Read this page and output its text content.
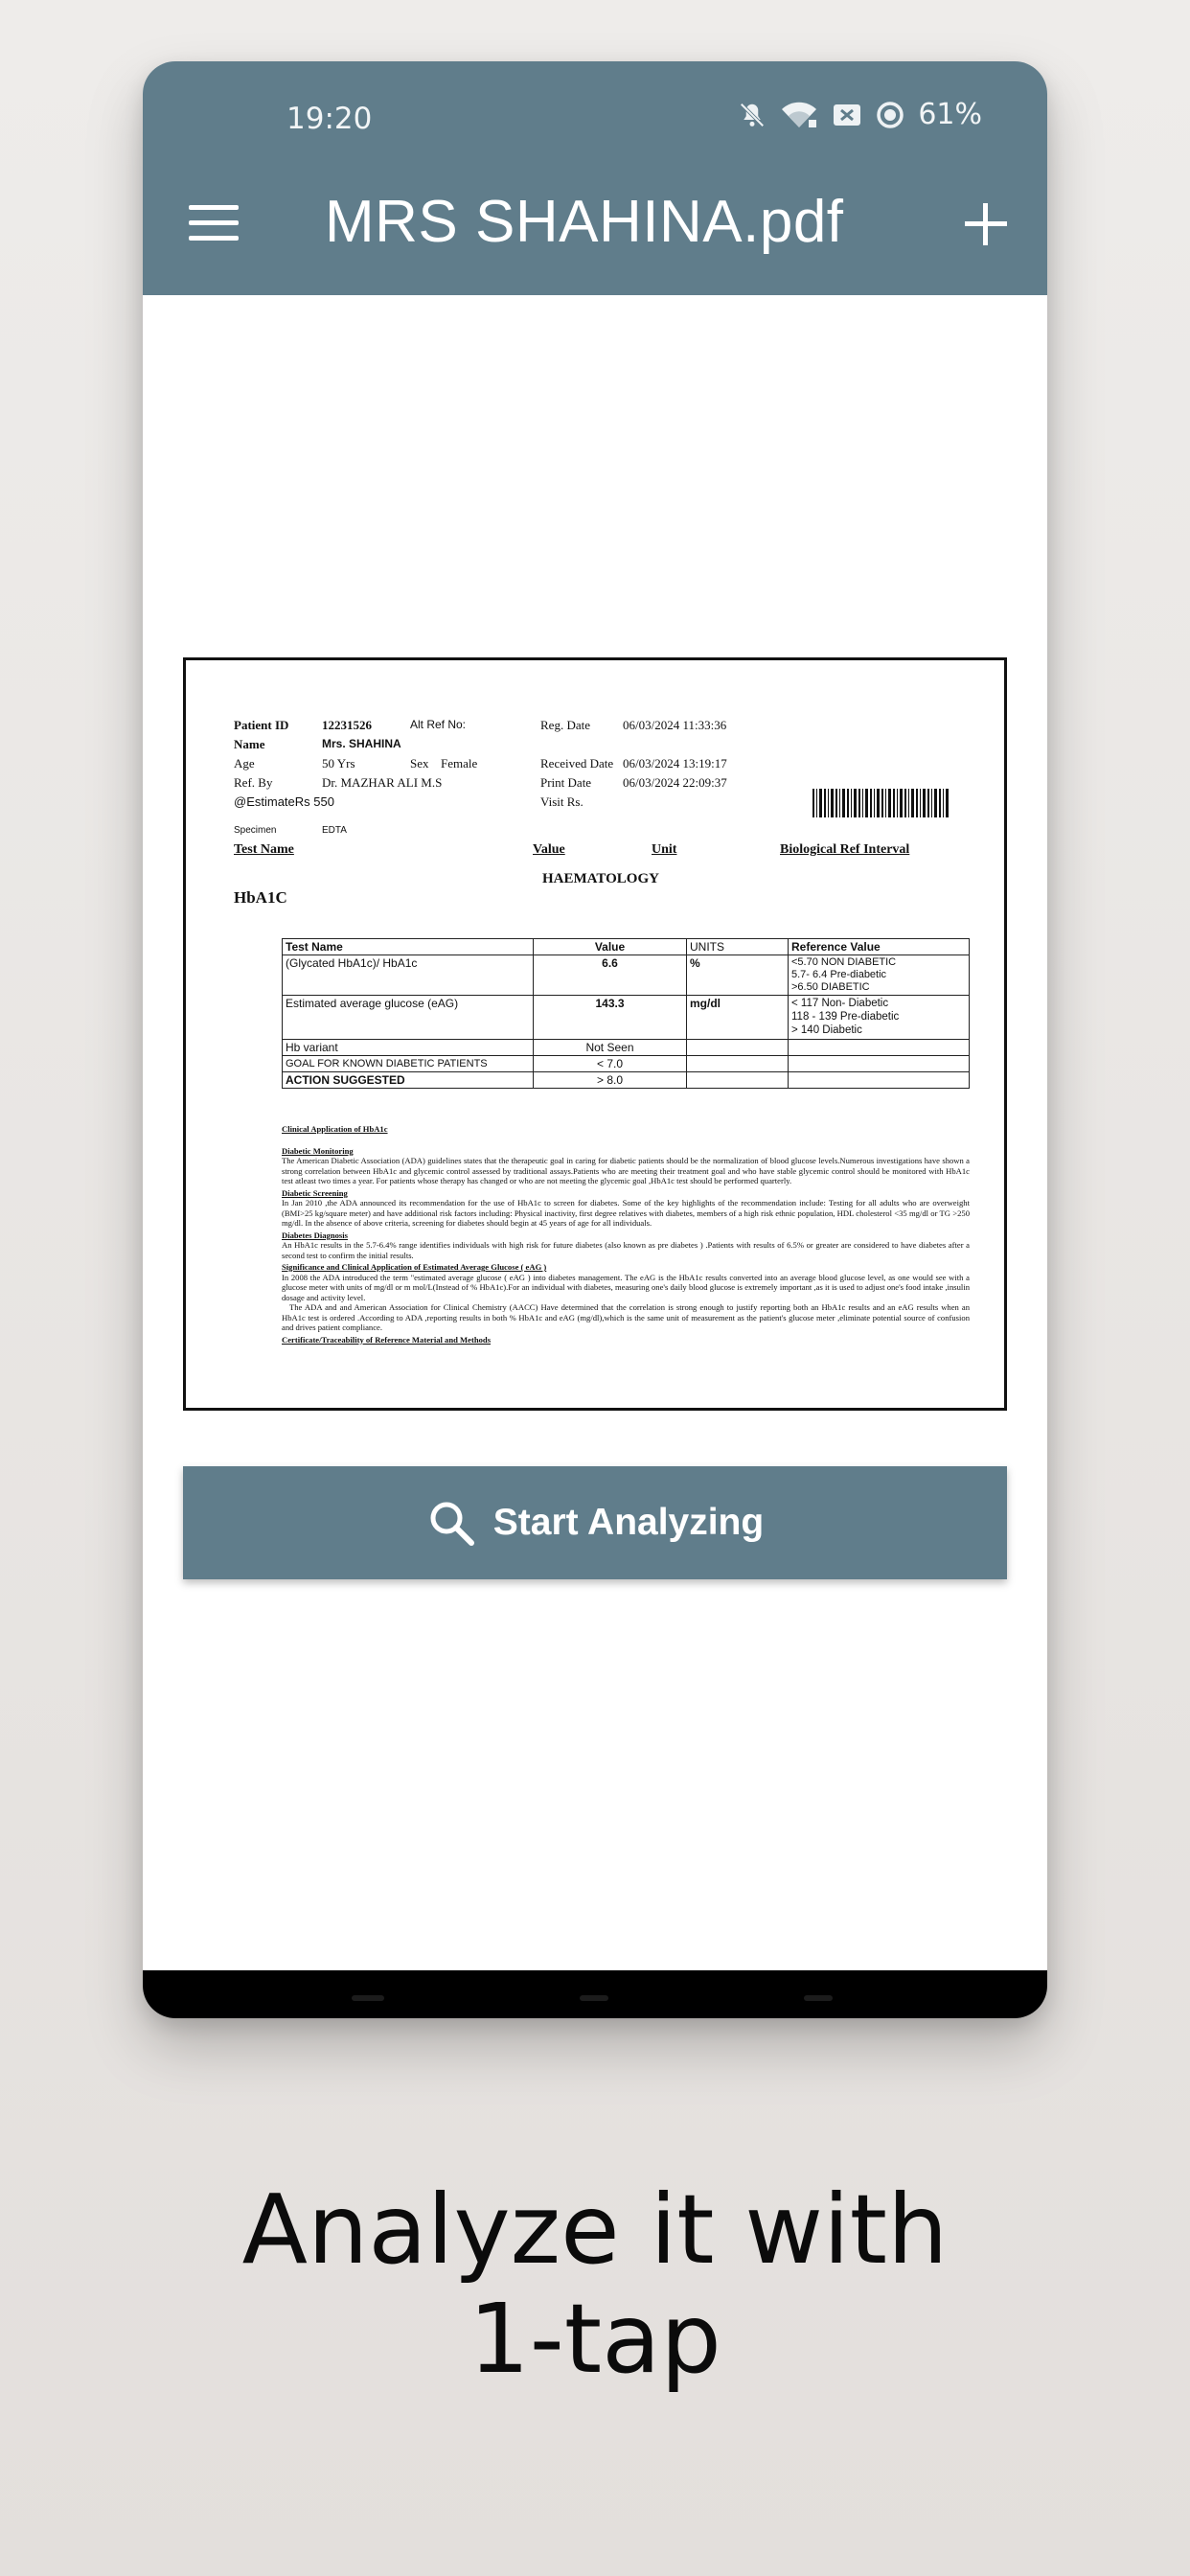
19:20	61%
MRS SHAHINA.pdf
Patient ID	12231526	Alt Ref No:	Reg. Date	06/03/2024 11:33:36
Name	Mrs. SHAHINA
Age	50 Yrs	Sex Female	Received Date 06/03/2024 13:19:17
Ref. By	Dr. MAZHAR ALI M.S	Print Date	06/03/2024 22:09:37
@EstimateRs 550	Visit Rs.
Specimen	EDTA
Test Name	Value	Unit	Biological Ref Interval
HAEMATOLOGY
HbA1C
Test Name	Value	UNITS	Reference Value
(Glycated HbA1c)/ HbA1c	6.6	%	<5.70 NON DIABETIC
5.7- 6.4 Pre-diabetic
>6.50 DIABETIC
Estimated average glucose (eAG)	143.3	mg/dl	< 117 Non- Diabetic
118 - 139 Pre-diabetic
> 140 Diabetic
Hb variant	Not Seen		
GOAL FOR KNOWN DIABETIC PATIENTS	< 7.0		
ACTION SUGGESTED	> 8.0		
Clinical Application of HbA1c
Diabetic Monitoring
The American Diabetic Association (ADA) guidelines states that the therapeutic goal in caring for diabetic patients should be the normalization of blood glucose levels.Numerous investigations have shown a strong correlation between HbA1c and glycemic control assessed by traditional assays.Patients who are meeting their treatment goal and who have stable glycemic control should be monitored with HbA1c test atleast two times a year. For patients whose therapy has changed or who are not meeting the glycemic goal ,HbA1c test should be performed quarterly.
Diabetic Screening
In Jan 2010 ,the ADA announced its recommendation for the use of HbA1c to screen for diabetes. Some of the key highlights of the recommendation include: Testing for all adults who are overweight (BMI>25 kg/square meter) and have additional risk factors including: Physical inactivity, first degree relatives with diabetes, members of a high risk ethnic population, HDL cholesterol <35 mg/dl or TG >250 mg/dl. In the absence of above criteria, screening for diabetes should begin at 45 years of age for all individuals.
Diabetes Diagnosis
An HbA1c results in the 5.7-6.4% range identifies individuals with high risk for future diabetes (also known as pre diabetes ) .Patients with results of 6.5% or greater are considered to have diabetes after a second test to confirm the initial results.
Significance and Clinical Application of Estimated Average Glucose ( eAG )
In 2008 the ADA introduced the term "estimated average glucose ( eAG ) into diabetes management. The eAG is the HbA1c results converted into an average blood glucose level, as one would see with a glucose meter with units of mg/dl or m mol/L(Instead of % HbA1c).For an individual with diabetes, measuring one's daily blood glucose is extremely important ,as it is used to adjust one's food intake ,insulin dosage and activity level.
The ADA and and American Association for Clinical Chemistry (AACC) Have determined that the correlation is strong enough to justify reporting both an HbA1c results and an eAG results when an HbA1c test is ordered .According to ADA ,reporting results in both % HbA1c and eAG (mg/dl),which is the same unit of measurement as the patient's glucose meter ,eliminate potential source of confusion and drives patient compliance.
Certificate/Traceability of Reference Material and Methods
Start Analyzing
Analyze it with
1-tap
